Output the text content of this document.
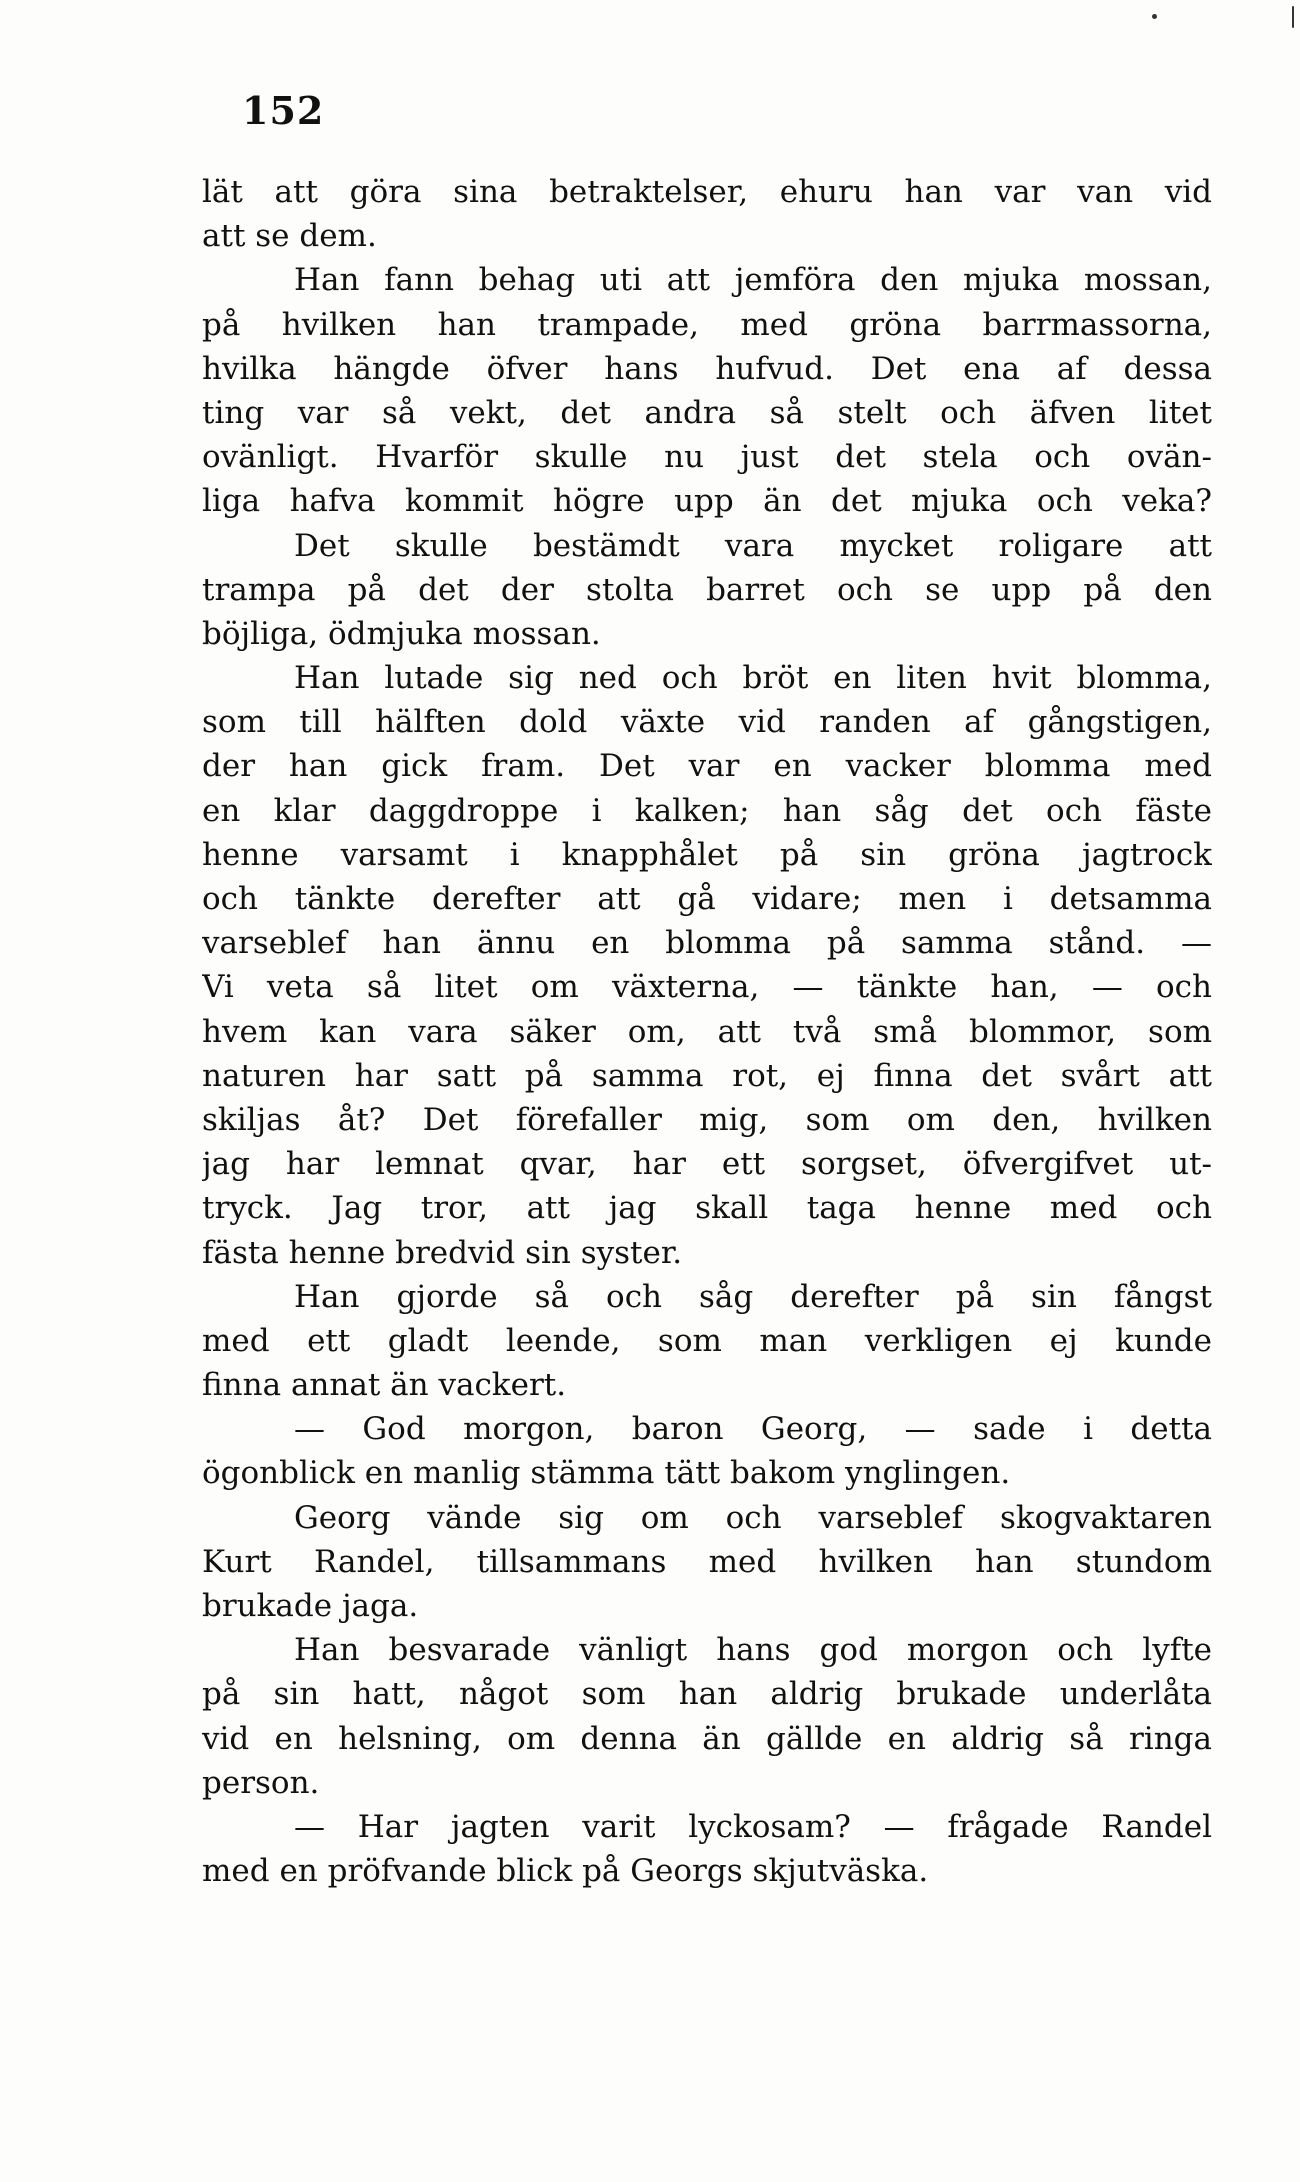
152
lät att göra sina betraktelser, ehuru han var van vid
att se dem.
Han fann behag uti att jemföra den mjuka mossan,
på hvilken han trampade, med gröna barrmassorna,
hvilka hängde öfver hans hufvud. Det ena af dessa
ting var så vekt, det andra så stelt och äfven litet
ovänligt. Hvarför skulle nu just det stela och ovän-
liga hafva kommit högre upp än det mjuka och veka?
Det skulle bestämdt vara mycket roligare att
trampa på det der stolta barret och se upp på den
böjliga, ödmjuka mossan.
Han lutade sig ned och bröt en liten hvit blomma,
som till hälften dold växte vid randen af gångstigen,
der han gick fram. Det var en vacker blomma med
en klar daggdroppe i kalken; han såg det och fäste
henne varsamt i knapphålet på sin gröna jagtrock
och tänkte derefter att gå vidare; men i detsamma
varseblef han ännu en blomma på samma stånd. —
Vi veta så litet om växterna, — tänkte han, — och
hvem kan vara säker om, att två små blommor, som
naturen har satt på samma rot, ej finna det svårt att
skiljas åt? Det förefaller mig, som om den, hvilken
jag har lemnat qvar, har ett sorgset, öfvergifvet ut-
tryck. Jag tror, att jag skall taga henne med och
fästa henne bredvid sin syster.
Han gjorde så och såg derefter på sin fångst
med ett gladt leende, som man verkligen ej kunde
finna annat än vackert.
— God morgon, baron Georg, — sade i detta
ögonblick en manlig stämma tätt bakom ynglingen.
Georg vände sig om och varseblef skogvaktaren
Kurt Randel, tillsammans med hvilken han stundom
brukade jaga.
Han besvarade vänligt hans god morgon och lyfte
på sin hatt, något som han aldrig brukade underlåta
vid en helsning, om denna än gällde en aldrig så ringa
person.
— Har jagten varit lyckosam? — frågade Randel
med en pröfvande blick på Georgs skjutväska.
